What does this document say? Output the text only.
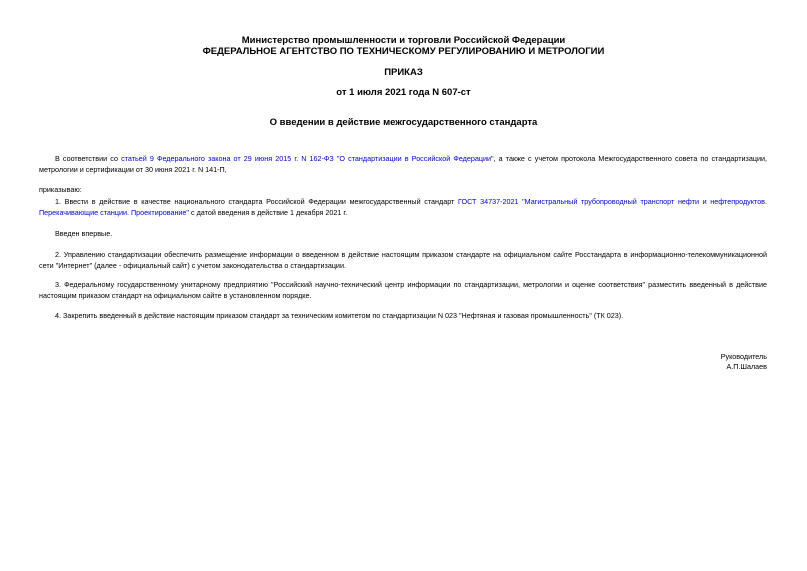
Министерство промышленности и торговли Российской Федерации
ФЕДЕРАЛЬНОЕ АГЕНТСТВО ПО ТЕХНИЧЕСКОМУ РЕГУЛИРОВАНИЮ И МЕТРОЛОГИИ
ПРИКАЗ
от 1 июля 2021 года N 607-ст
О введении в действие межгосударственного стандарта
В соответствии со статьей 9 Федерального закона от 29 июня 2015 г. N 162-ФЗ "О стандартизации в Российской Федерации", а также с учетом протокола Межгосударственного совета по стандартизации, метрологии и сертификации от 30 июня 2021 г. N 141-П,
приказываю:
1. Ввести в действие в качестве национального стандарта Российской Федерации межгосударственный стандарт ГОСТ 34737-2021 "Магистральный трубопроводный транспорт нефти и нефтепродуктов. Перекачивающие станции. Проектирование" с датой введения в действие 1 декабря 2021 г.
Введен впервые.
2. Управлению стандартизации обеспечить размещение информации о введенном в действие настоящим приказом стандарте на официальном сайте Росстандарта в информационно-телекоммуникационной сети "Интернет" (далее - официальный сайт) с учетом законодательства о стандартизации.
3. Федеральному государственному унитарному предприятию "Российский научно-технический центр информации по стандартизации, метрологии и оценке соответствия" разместить введенный в действие настоящим приказом стандарт на официальном сайте в установленном порядке.
4. Закрепить введенный в действие настоящим приказом стандарт за техническим комитетом по стандартизации N 023 "Нефтяная и газовая промышленность" (ТК 023).
Руководитель
А.П.Шалаев
